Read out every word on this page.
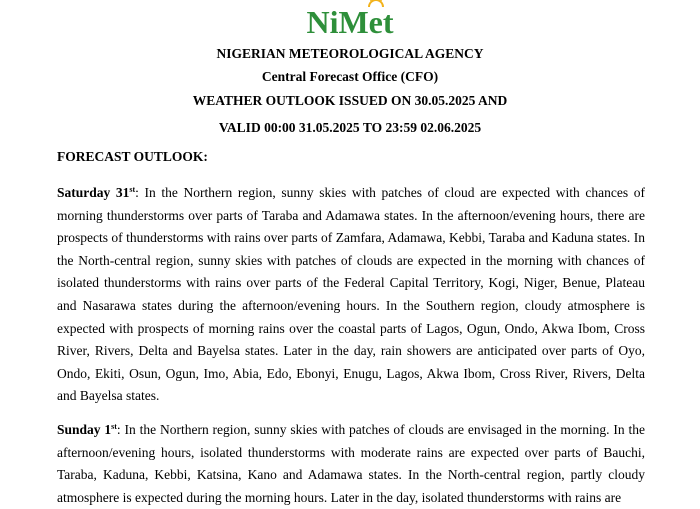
NiMet
NIGERIAN METEOROLOGICAL AGENCY
Central Forecast Office (CFO)
WEATHER OUTLOOK ISSUED ON 30.05.2025 AND
VALID 00:00 31.05.2025 TO 23:59 02.06.2025
FORECAST OUTLOOK:
Saturday 31st: In the Northern region, sunny skies with patches of cloud are expected with chances of morning thunderstorms over parts of Taraba and Adamawa states. In the afternoon/evening hours, there are prospects of thunderstorms with rains over parts of Zamfara, Adamawa, Kebbi, Taraba and Kaduna states. In the North-central region, sunny skies with patches of clouds are expected in the morning with chances of isolated thunderstorms with rains over parts of the Federal Capital Territory, Kogi, Niger, Benue, Plateau and Nasarawa states during the afternoon/evening hours. In the Southern region, cloudy atmosphere is expected with prospects of morning rains over the coastal parts of Lagos, Ogun, Ondo, Akwa Ibom, Cross River, Rivers, Delta and Bayelsa states. Later in the day, rain showers are anticipated over parts of Oyo, Ondo, Ekiti, Osun, Ogun, Imo, Abia, Edo, Ebonyi, Enugu, Lagos, Akwa Ibom, Cross River, Rivers, Delta and Bayelsa states.
Sunday 1st: In the Northern region, sunny skies with patches of clouds are envisaged in the morning. In the afternoon/evening hours, isolated thunderstorms with moderate rains are expected over parts of Bauchi, Taraba, Kaduna, Kebbi, Katsina, Kano and Adamawa states. In the North-central region, partly cloudy atmosphere is expected during the morning hours. Later in the day, isolated thunderstorms with rains are
